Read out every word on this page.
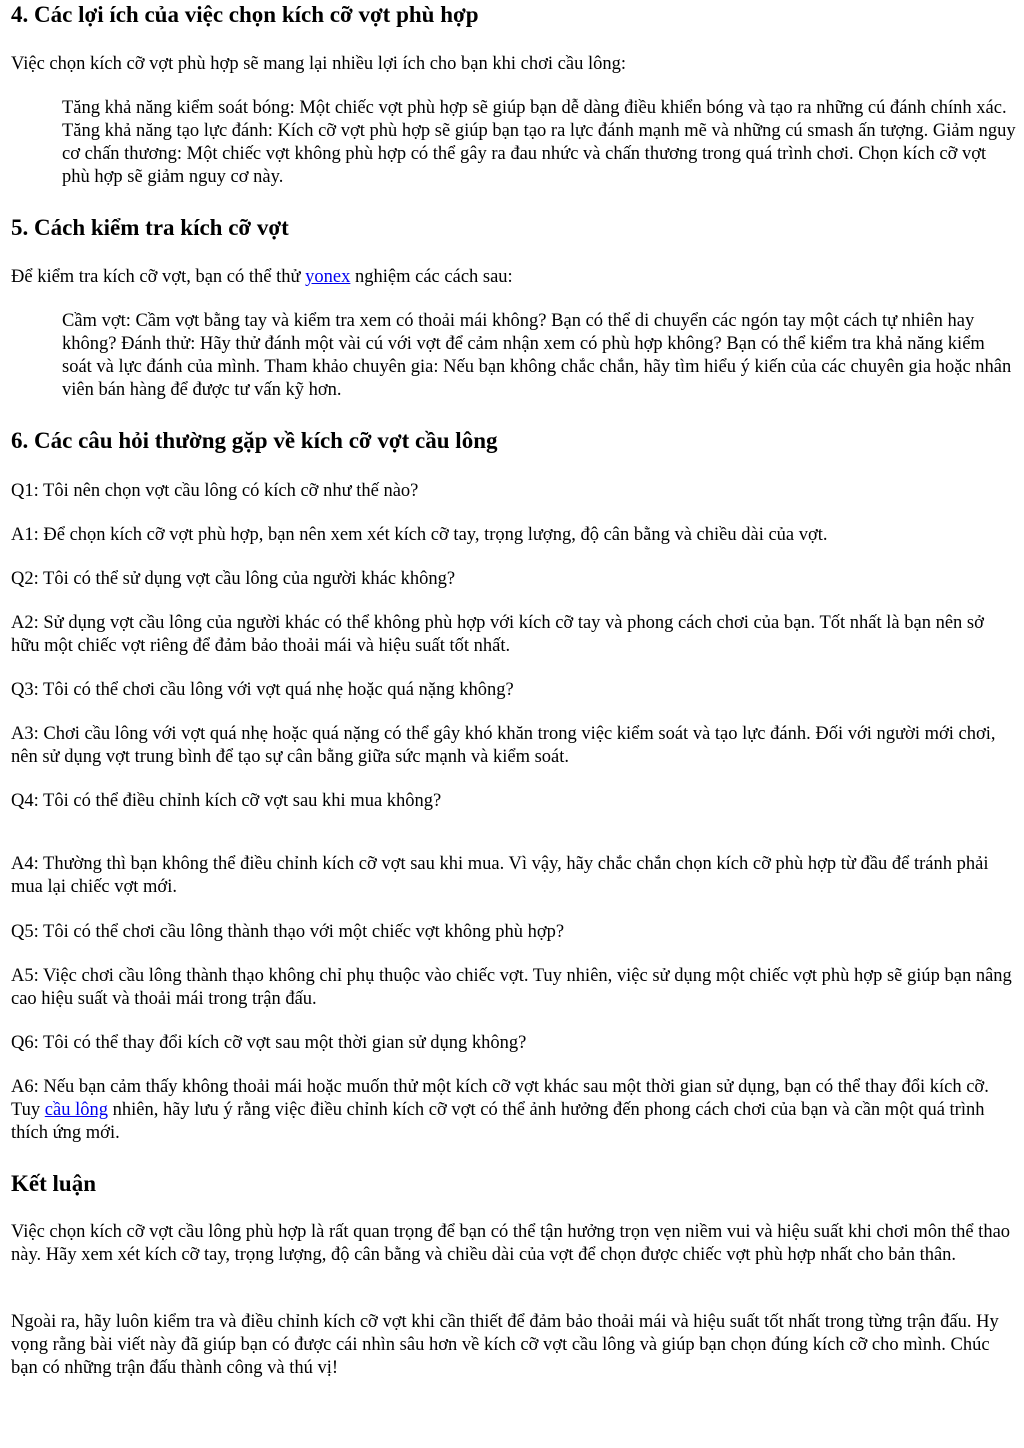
4. Các lợi ích của việc chọn kích cỡ vợt phù hợp

Việc chọn kích cỡ vợt phù hợp sẽ mang lại nhiều lợi ích cho bạn khi chơi cầu lông:

Tăng khả năng kiểm soát bóng: Một chiếc vợt phù hợp sẽ giúp bạn dễ dàng điều khiển bóng và tạo ra những cú đánh chính xác. Tăng khả năng tạo lực đánh: Kích cỡ vợt phù hợp sẽ giúp bạn tạo ra lực đánh mạnh mẽ và những cú smash ấn tượng. Giảm nguy cơ chấn thương: Một chiếc vợt không phù hợp có thể gây ra đau nhức và chấn thương trong quá trình chơi. Chọn kích cỡ vợt phù hợp sẽ giảm nguy cơ này.

5. Cách kiểm tra kích cỡ vợt

Để kiểm tra kích cỡ vợt, bạn có thể thử yonex nghiệm các cách sau:

Cầm vợt: Cầm vợt bằng tay và kiểm tra xem có thoải mái không? Bạn có thể di chuyển các ngón tay một cách tự nhiên hay không? Đánh thử: Hãy thử đánh một vài cú với vợt để cảm nhận xem có phù hợp không? Bạn có thể kiểm tra khả năng kiểm soát và lực đánh của mình. Tham khảo chuyên gia: Nếu bạn không chắc chắn, hãy tìm hiểu ý kiến của các chuyên gia hoặc nhân viên bán hàng để được tư vấn kỹ hơn.

6. Các câu hỏi thường gặp về kích cỡ vợt cầu lông

Q1: Tôi nên chọn vợt cầu lông có kích cỡ như thế nào?

A1: Để chọn kích cỡ vợt phù hợp, bạn nên xem xét kích cỡ tay, trọng lượng, độ cân bằng và chiều dài của vợt.

Q2: Tôi có thể sử dụng vợt cầu lông của người khác không?

A2: Sử dụng vợt cầu lông của người khác có thể không phù hợp với kích cỡ tay và phong cách chơi của bạn. Tốt nhất là bạn nên sở hữu một chiếc vợt riêng để đảm bảo thoải mái và hiệu suất tốt nhất.

Q3: Tôi có thể chơi cầu lông với vợt quá nhẹ hoặc quá nặng không?

A3: Chơi cầu lông với vợt quá nhẹ hoặc quá nặng có thể gây khó khăn trong việc kiểm soát và tạo lực đánh. Đối với người mới chơi, nên sử dụng vợt trung bình để tạo sự cân bằng giữa sức mạnh và kiểm soát.

Q4: Tôi có thể điều chỉnh kích cỡ vợt sau khi mua không?

A4: Thường thì bạn không thể điều chỉnh kích cỡ vợt sau khi mua. Vì vậy, hãy chắc chắn chọn kích cỡ phù hợp từ đầu để tránh phải mua lại chiếc vợt mới.

Q5: Tôi có thể chơi cầu lông thành thạo với một chiếc vợt không phù hợp?

A5: Việc chơi cầu lông thành thạo không chỉ phụ thuộc vào chiếc vợt. Tuy nhiên, việc sử dụng một chiếc vợt phù hợp sẽ giúp bạn nâng cao hiệu suất và thoải mái trong trận đấu.

Q6: Tôi có thể thay đổi kích cỡ vợt sau một thời gian sử dụng không?

A6: Nếu bạn cảm thấy không thoải mái hoặc muốn thử một kích cỡ vợt khác sau một thời gian sử dụng, bạn có thể thay đổi kích cỡ. Tuy cầu lông nhiên, hãy lưu ý rằng việc điều chỉnh kích cỡ vợt có thể ảnh hưởng đến phong cách chơi của bạn và cần một quá trình thích ứng mới.

Kết luận

Việc chọn kích cỡ vợt cầu lông phù hợp là rất quan trọng để bạn có thể tận hưởng trọn vẹn niềm vui và hiệu suất khi chơi môn thể thao này. Hãy xem xét kích cỡ tay, trọng lượng, độ cân bằng và chiều dài của vợt để chọn được chiếc vợt phù hợp nhất cho bản thân.

Ngoài ra, hãy luôn kiểm tra và điều chỉnh kích cỡ vợt khi cần thiết để đảm bảo thoải mái và hiệu suất tốt nhất trong từng trận đấu. Hy vọng rằng bài viết này đã giúp bạn có được cái nhìn sâu hơn về kích cỡ vợt cầu lông và giúp bạn chọn đúng kích cỡ cho mình. Chúc bạn có những trận đấu thành công và thú vị!
